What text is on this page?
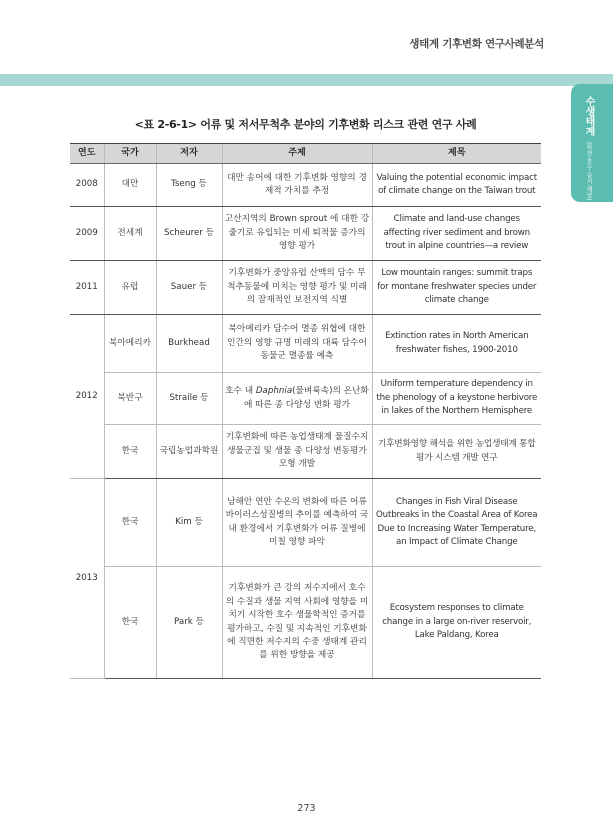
생태계 기후변화 연구사례분석
수생태계 (하천·호수·습지·해양)
<표 2-6-1> 어류 및 저서무척추 분야의 기후변화 리스크 관련 연구 사례
연도	국가	저자	주제	제목
2008	대만	Tseng 등	대만 송어에 대한 기후변화 영향의 경제적 가치를 추정	Valuing the potential economic impact of climate change on the Taiwan trout
2009	전세계	Scheurer 등	고산지역의 Brown sprout 에 대한 강줄기로 유입되는 미세 퇴적물 증가의 영향 평가	Climate and land-use changes affecting river sediment and brown trout in alpine countries—a review
2011	유럽	Sauer 등	기후변화가 중앙유럽 산맥의 담수 무척추동물에 미치는 영향 평가 및 미래의 잠재적인 보전지역 식별	Low mountain ranges: summit traps for montane freshwater species under climate change
2012	북아메리카	Burkhead	북아메리카 담수어 멸종 위협에 대한 인간의 영향 규명 미래의 대륙 담수어 동물군 멸종률 예측	Extinction rates in North American freshwater fishes, 1900-2010
	북반구	Straile 등	호수 내 Daphnia(물벼룩속)의 온난화에 따른 종 다양성 변화 평가	Uniform temperature dependency in the phenology of a keystone herbivore in lakes of the Northern Hemisphere
	한국	국립농업과학원	기후변화에 따른 농업생태계 물질수지 생물군집 및 생물 종 다양성 변동평가 모형 개발	기후변화영향 해석을 위한 농업생태계 통합평가 시스템 개발 연구
2013	한국	Kim 등	남해안 연안 수온의 변화에 따른 어류바이러스성질병의 추이를 예측하여 국내 환경에서 기후변화가 어류 질병에 미칠 영향 파악	Changes in Fish Viral Disease Outbreaks in the Coastal Area of Korea Due to Increasing Water Temperature, an Impact of Climate Change
	한국	Park 등	기후변화가 큰 강의 저수지에서 호수의 수질과 생물 지역 사회에 영향을 미치기 시작한 호수 생물학적인 증거를 평가하고, 수질 및 지속적인 기후변화에 직면한 저수지의 수중 생태계 관리를 위한 방향을 제공	Ecosystem responses to climate change in a large on-river reservoir, Lake Paldang, Korea
273
